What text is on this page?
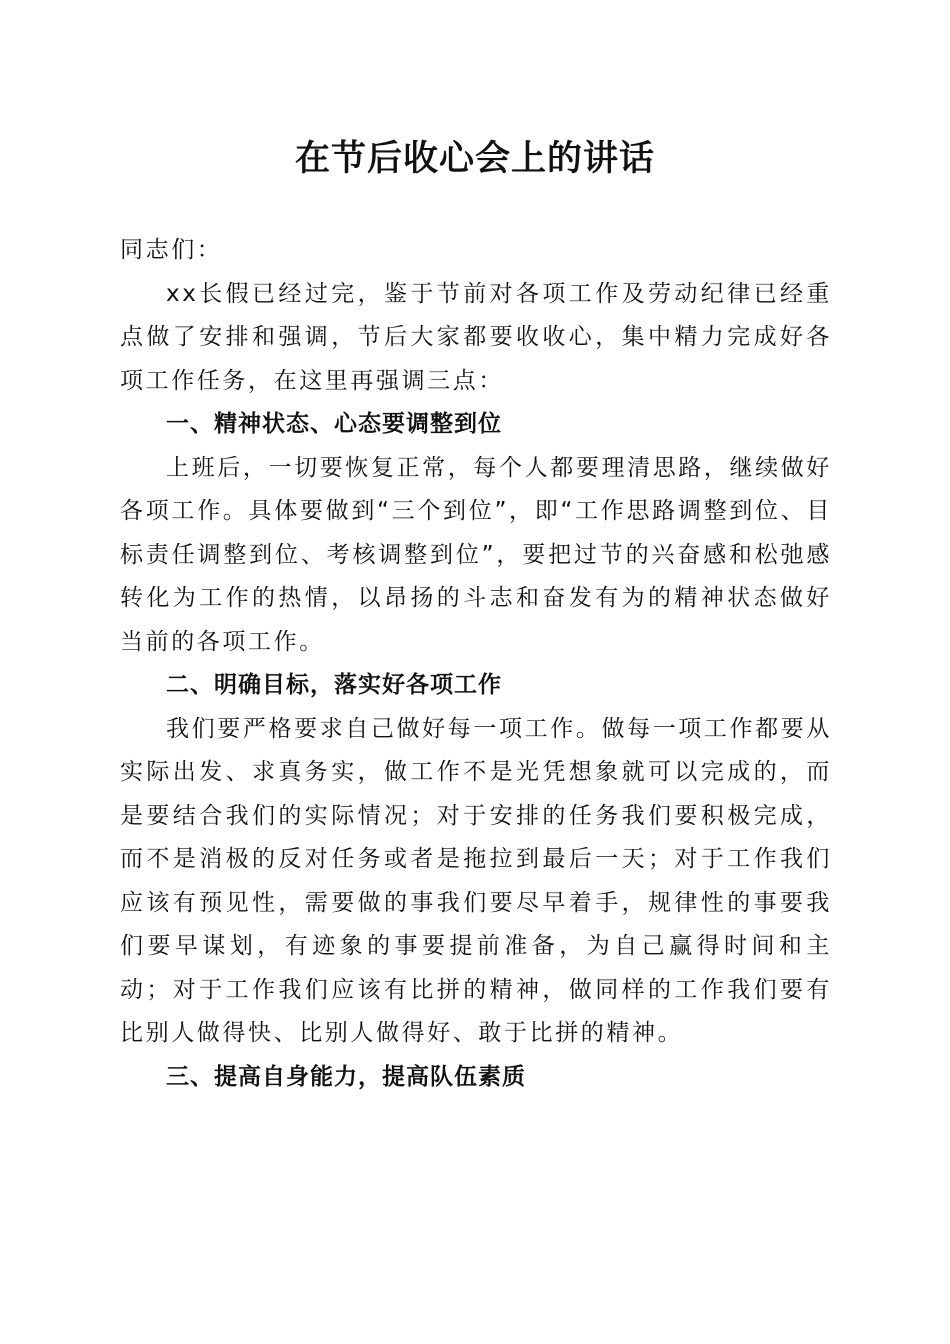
在节后收心会上的讲话

同志们：

xx长假已经过完，鉴于节前对各项工作及劳动纪律已经重点做了安排和强调，节后大家都要收收心，集中精力完成好各项工作任务，在这里再强调三点：

一、精神状态、心态要调整到位

上班后，一切要恢复正常，每个人都要理清思路，继续做好各项工作。具体要做到“三个到位”，即“工作思路调整到位、目标责任调整到位、考核调整到位”，要把过节的兴奋感和松弛感转化为工作的热情，以昂扬的斗志和奋发有为的精神状态做好当前的各项工作。

二、明确目标，落实好各项工作

我们要严格要求自己做好每一项工作。做每一项工作都要从实际出发、求真务实，做工作不是光凭想象就可以完成的，而是要结合我们的实际情况；对于安排的任务我们要积极完成，而不是消极的反对任务或者是拖拉到最后一天；对于工作我们应该有预见性，需要做的事我们要尽早着手，规律性的事要我们要早谋划，有迹象的事要提前准备，为自己赢得时间和主动；对于工作我们应该有比拼的精神，做同样的工作我们要有比别人做得快、比别人做得好、敢于比拼的精神。

三、提高自身能力，提高队伍素质
